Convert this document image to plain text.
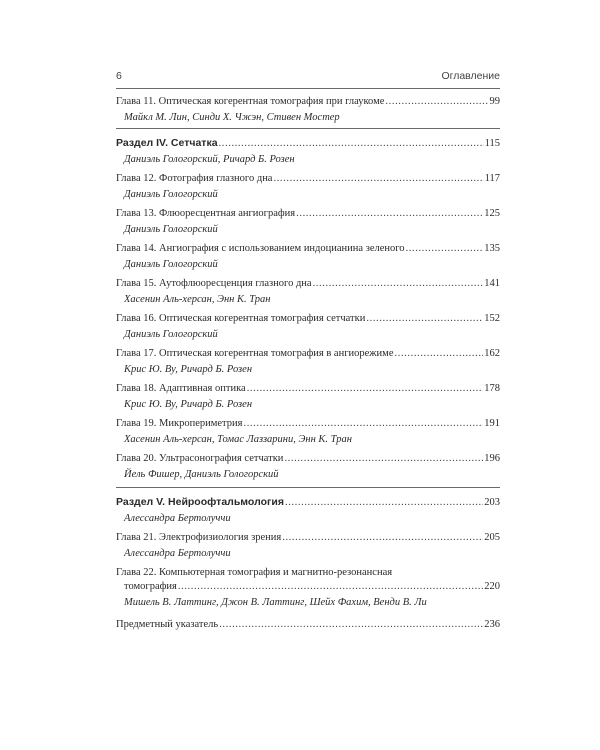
6	Оглавление
Глава 11. Оптическая когерентная томография при глаукоме .....	99
Майкл М. Лин, Синди Х. Чжэн, Стивен Мостер
Раздел IV. Сетчатка .....	115
Даниэль Гологорский, Ричард Б. Розен
Глава 12. Фотография глазного дна .....	117
Даниэль Гологорский
Глава 13. Флюоресцентная ангиография .....	125
Даниэль Гологорский
Глава 14. Ангиография с использованием индоцианина зеленого .....	135
Даниэль Гологорский
Глава 15. Аутофлюоресценция глазного дна .....	141
Хасенин Аль-херсан, Энн К. Тран
Глава 16. Оптическая когерентная томография сетчатки .....	152
Даниэль Гологорский
Глава 17. Оптическая когерентная томография в ангиорежиме .....	162
Крис Ю. Ву, Ричард Б. Розен
Глава 18. Адаптивная оптика .....	178
Крис Ю. Ву, Ричард Б. Розен
Глава 19. Микропериметрия .....	191
Хасенин Аль-херсан, Томас Лаззарини, Энн К. Тран
Глава 20. Ультрасонография сетчатки .....	196
Йель Фишер, Даниэль Гологорский
Раздел V. Нейроофтальмология .....	203
Алессандра Бертолуччи
Глава 21. Электрофизиология зрения .....	205
Алессандра Бертолуччи
Глава 22. Компьютерная томография и магнитно-резонансная
томография .....	220
Мишель В. Латтинг, Джон В. Латтинг, Шейх Фахим, Венди В. Ли
Предметный указатель .....	236
